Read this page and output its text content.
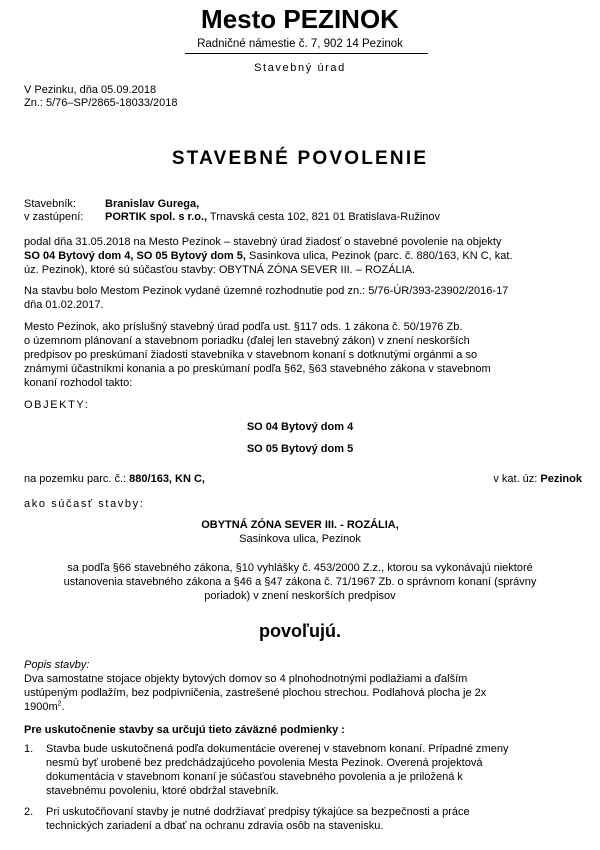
Mesto PEZINOK
Radničné námestie č. 7, 902 14 Pezinok
Stavebný úrad
V Pezinku, dňa 05.09.2018
Zn.: 5/76–SP/2865-18033/2018
STAVEBNÉ POVOLENIE
Stavebník:	Branislav Gurega,
v zastúpení: PORTIK spol. s r.o., Trnavská cesta 102, 821 01 Bratislava-Ružinov
podal dňa 31.05.2018 na Mesto Pezinok – stavebný úrad žiadosť o stavebné povolenie na objekty
SO 04 Bytový dom 4, SO 05 Bytový dom 5, Sasinkova ulica, Pezinok (parc. č. 880/163, KN C, kat.
úz. Pezinok), ktoré sú súčasťou stavby: OBYTNÁ ZÓNA SEVER III. – ROZÁLIA.
Na stavbu bolo Mestom Pezinok vydané územné rozhodnutie pod zn.: 5/76-ÚR/393-23902/2016-17
dňa 01.02.2017.
Mesto Pezinok, ako príslušný stavebný úrad podľa ust. §117 ods. 1 zákona č. 50/1976 Zb.
o územnom plánovaní a stavebnom poriadku (ďalej len stavebný zákon) v znení neskorších
predpisov po preskúmaní žiadosti stavebníka v stavebnom konaní s dotknutými orgánmi a so
známymi účastníkmi konania a po preskúmaní podľa §62, §63 stavebného zákona v stavebnom
konaní rozhodol takto:
OBJEKTY:
SO 04 Bytový dom 4
SO 05 Bytový dom 5
na pozemku parc. č.: 880/163, KN C,	v kat. úz: Pezinok
ako súčasť stavby:
OBYTNÁ ZÓNA SEVER III. - ROZÁLIA,
Sasinkova ulica, Pezinok
sa podľa §66 stavebného zákona, §10 vyhlášky č. 453/2000 Z.z., ktorou sa vykonávajú niektoré
ustanovenia stavebného zákona a §46 a §47 zákona č. 71/1967 Zb. o správnom konaní (správny
poriadok) v znení neskorších predpisov
povoľujú.
Popis stavby:
Dva samostatne stojace objekty bytových domov so 4 plnohodnotnými podlažiami a ďalším
ustúpeným podlažím, bez podpivničenia, zastrešené plochou strechou. Podlahová plocha je 2x
$1900m^2$.
Pre uskutočnenie stavby sa určujú tieto záväzné podmienky :
1. Stavba bude uskutočnená podľa dokumentácie overenej v stavebnom konaní. Prípadné zmeny
nesmú byť urobené bez predchádzajúceho povolenia Mesta Pezinok. Overená projektová
dokumentácia v stavebnom konaní je súčasťou stavebného povolenia a je priložená k
stavebnému povoleniu, ktoré obdržal stavebník.
2. Pri uskutočňovaní stavby je nutné dodržiavať predpisy týkajúce sa bezpečnosti a práce
technických zariadení a dbať na ochranu zdravia osôb na stavenisku.
